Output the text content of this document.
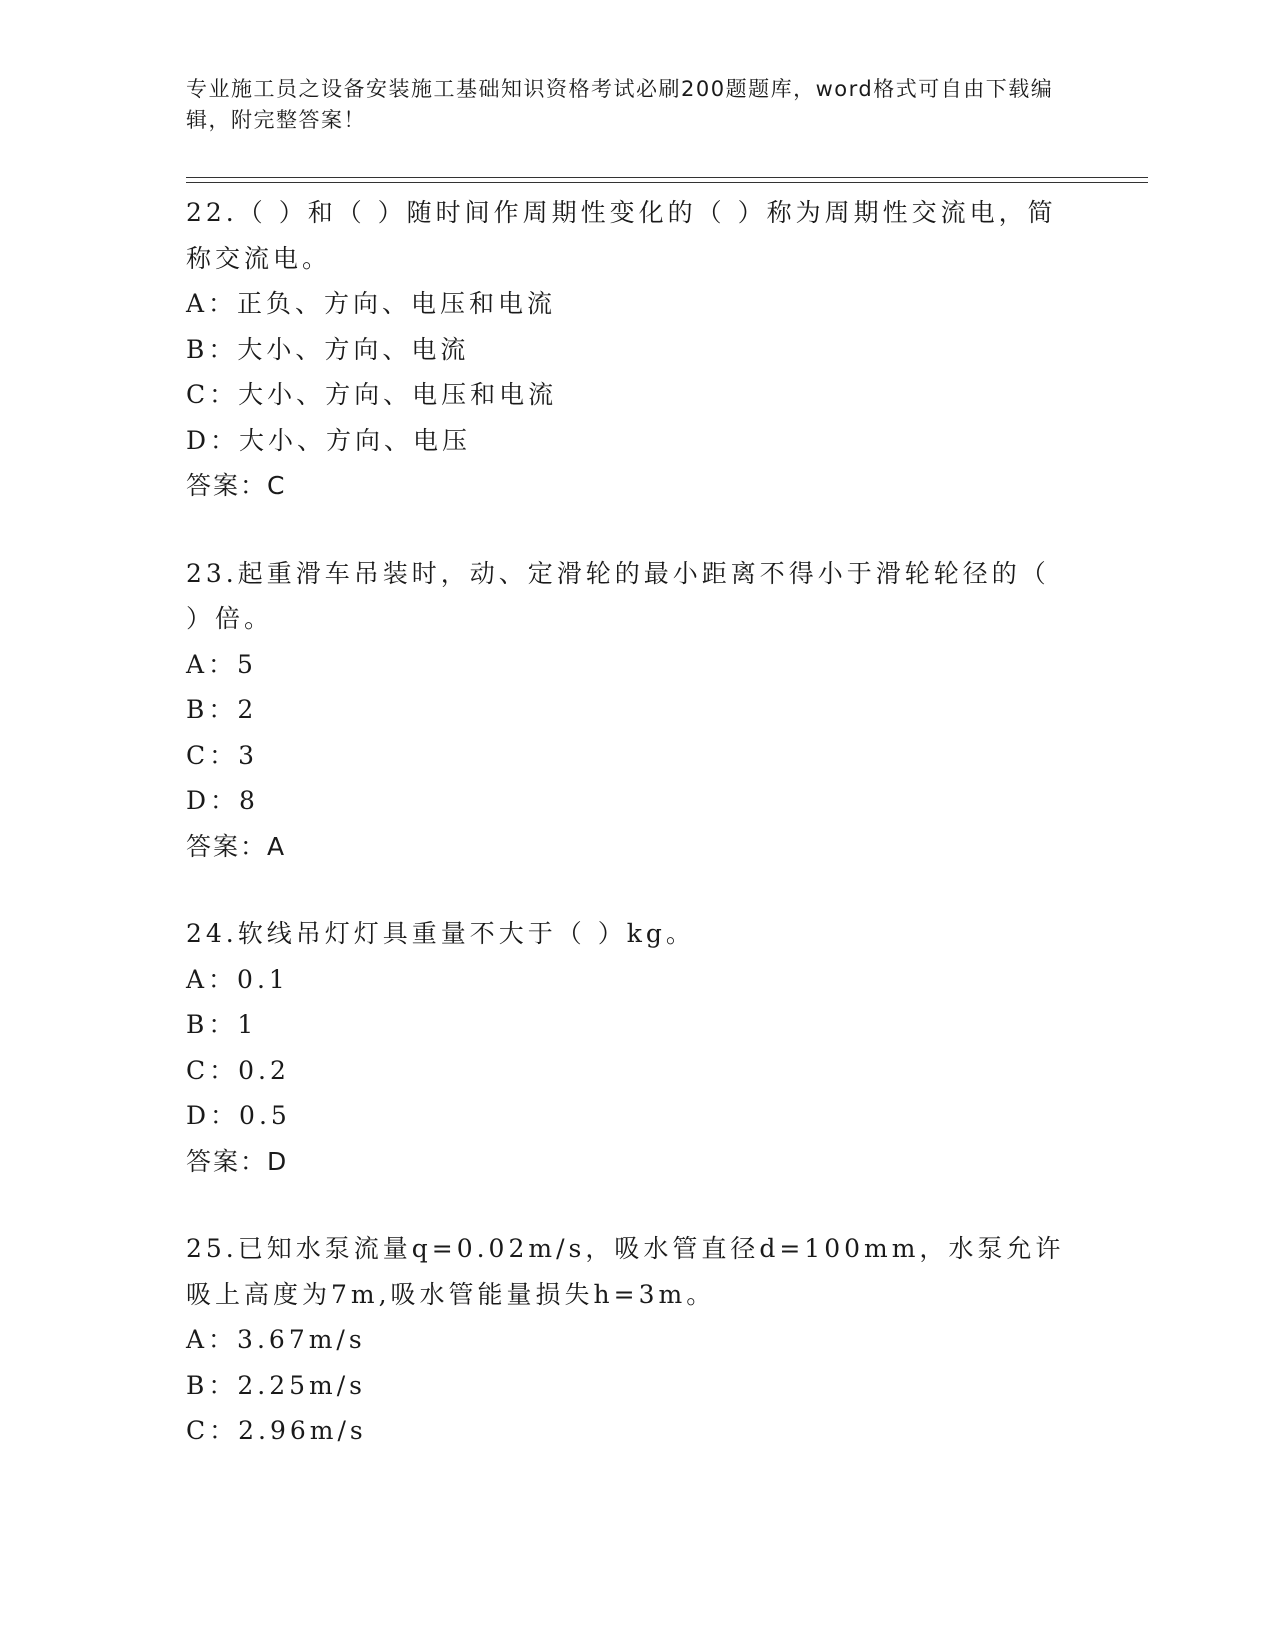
专业施工员之设备安装施工基础知识资格考试必刷200题题库，word格式可自由下载编辑，附完整答案！
22.（ ）和（ ）随时间作周期性变化的（ ）称为周期性交流电，简称交流电。
A：正负、方向、电压和电流
B：大小、方向、电流
C：大小、方向、电压和电流
D：大小、方向、电压
答案：C
23.起重滑车吊装时，动、定滑轮的最小距离不得小于滑轮轮径的（ ）倍。
A：5
B：2
C：3
D：8
答案：A
24.软线吊灯灯具重量不大于（ ）kg。
A：0.1
B：1
C：0.2
D：0.5
答案：D
25.已知水泵流量q=0.02m/s，吸水管直径d=100mm，水泵允许吸上高度为7m,吸水管能量损失h=3m。
A：3.67m/s
B：2.25m/s
C：2.96m/s
